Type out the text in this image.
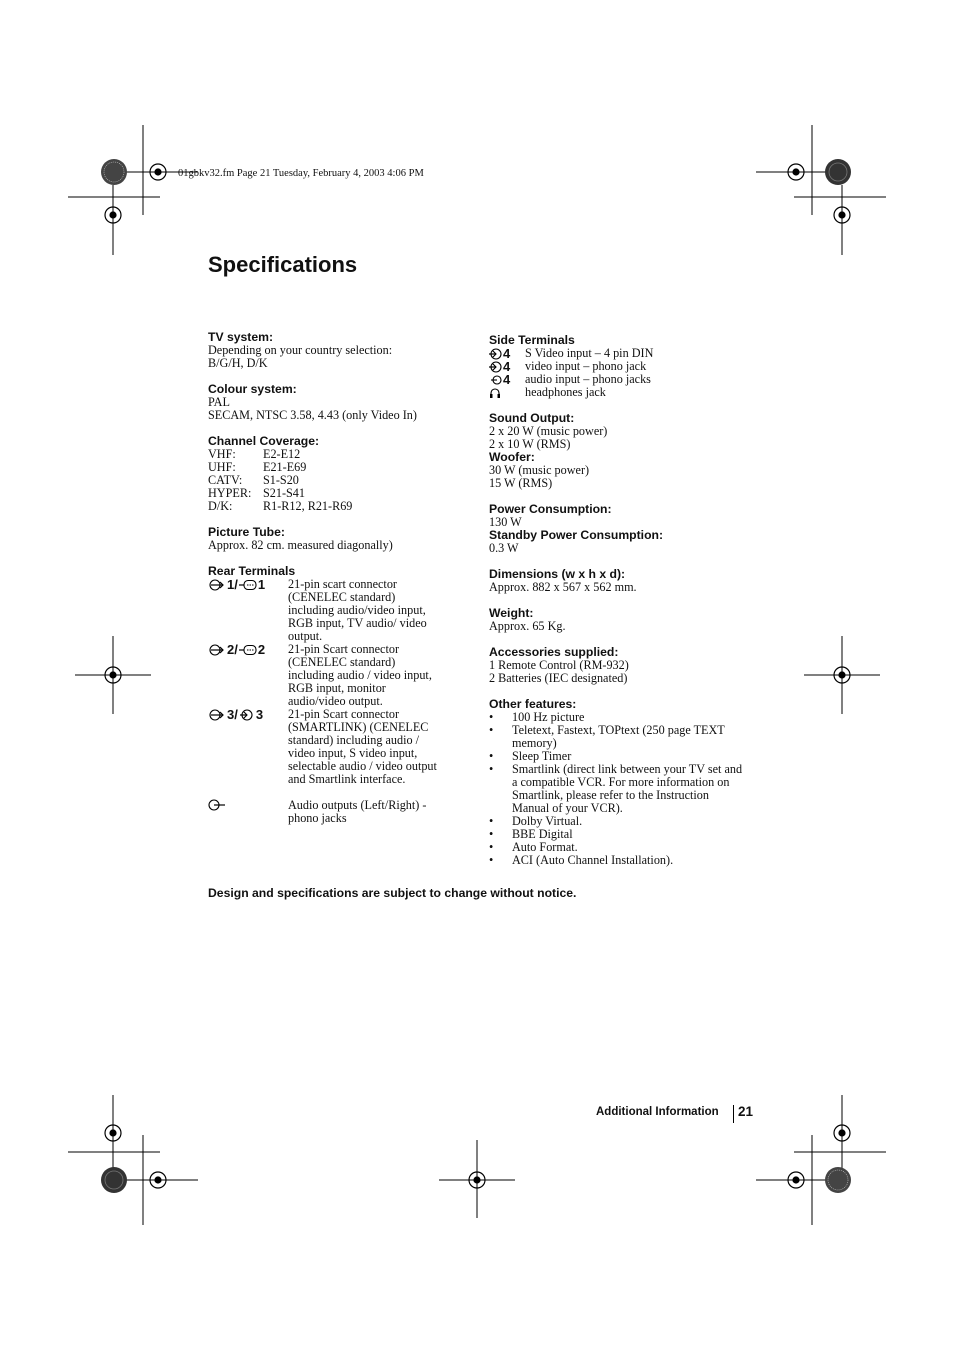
01gbkv32.fm Page 21 Tuesday, February 4, 2003 4:06 PM
Specifications
TV system:
Depending on your country selection:
B/G/H, D/K
Colour system:
PAL
SECAM, NTSC 3.58, 4.43 (only Video In)
Channel Coverage:
VHF:	E2-E12
UHF:	E21-E69
CATV:	S1-S20
HYPER: S21-S41
D/K:	R1-R12, R21-R69
Picture Tube:
Approx. 82 cm. measured diagonally)
Rear Terminals
1/ 1 21-pin scart connector (CENELEC standard) including audio/video input, RGB input, TV audio/ video output.
2/ 2 21-pin Scart connector (CENELEC standard) including audio / video input, RGB input, monitor audio/video output.
3/ 3 21-pin Scart connector (SMARTLINK) (CENELEC standard) including audio / video input, S video input, selectable audio / video output and Smartlink interface.
Audio outputs (Left/Right) - phono jacks
Side Terminals
4 S Video input – 4 pin DIN
4 video input – phono jack
4 audio input – phono jacks
headphones jack
Sound Output:
2 x 20 W (music power)
2 x 10 W (RMS)
Woofer:
30 W (music power)
15 W (RMS)
Power Consumption:
130 W
Standby Power Consumption:
0.3 W
Dimensions (w x h x d):
Approx. 882 x 567 x 562 mm.
Weight:
Approx. 65 Kg.
Accessories supplied:
1 Remote Control (RM-932)
2 Batteries (IEC designated)
Other features:
• 100 Hz picture
• Teletext, Fastext, TOPtext (250 page TEXT memory)
• Sleep Timer
• Smartlink (direct link between your TV set and a compatible VCR. For more information on Smartlink, please refer to the Instruction Manual of your VCR).
• Dolby Virtual.
• BBE Digital
• Auto Format.
• ACI (Auto Channel Installation).
Design and specifications are subject to change without notice.
Additional Information 21
